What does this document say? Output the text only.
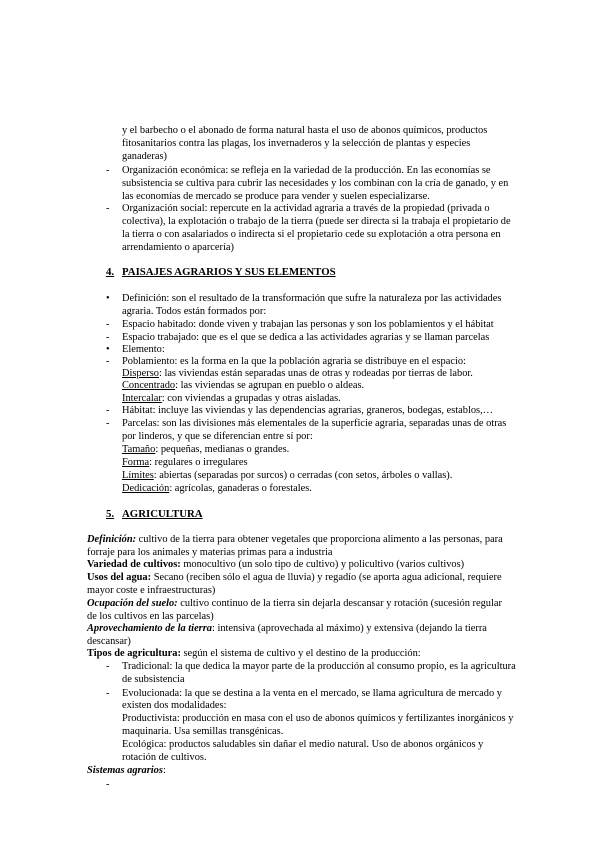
y el barbecho o el abonado de forma natural hasta el uso de abonos químicos, productos
fitosanitarios contra las plagas, los invernaderos y la selección de plantas y especies
ganaderas)
- Organización económica: se refleja en la variedad de la producción. En las economías se
subsistencia se cultiva para cubrir las necesidades y los combinan con la cría de ganado, y en
las economías de mercado se produce para vender y suelen especializarse.
- Organización social: repercute en la actividad agraria a través de la propiedad (privada o
colectiva), la explotación o trabajo de la tierra (puede ser directa si la trabaja el propietario de
la tierra o con asalariados o indirecta si el propietario cede su explotación a otra persona en
arrendamiento o aparcería)
4. PAISAJES AGRARIOS Y SUS ELEMENTOS
• Definición: son el resultado de la transformación que sufre la naturaleza por las actividades
agraria. Todos están formados por:
- Espacio habitado: donde viven y trabajan las personas y son los poblamientos y el hábitat
- Espacio trabajado: que es el que se dedica a las actividades agrarias y se llaman parcelas
• Elemento:
- Poblamiento: es la forma en la que la población agraria se distribuye en el espacio:
Disperso: las viviendas están separadas unas de otras y rodeadas por tierras de labor.
Concentrado: las viviendas se agrupan en pueblo o aldeas.
Intercalar: con viviendas a grupadas y otras aisladas.
- Hábitat: incluye las viviendas y las dependencias agrarias, graneros, bodegas, establos,…
- Parcelas: son las divisiones más elementales de la superficie agraria, separadas unas de otras
por linderos, y que se diferencian entre sí por:
Tamaño: pequeñas, medianas o grandes.
Forma: regulares o irregulares
Límites: abiertas (separadas por surcos) o cerradas (con setos, árboles o vallas).
Dedicación: agrícolas, ganaderas o forestales.
5. AGRICULTURA
Definición: cultivo de la tierra para obtener vegetales que proporciona alimento a las personas, para
forraje para los animales y materias primas para a industria
Variedad de cultivos: monocultivo (un solo tipo de cultivo) y policultivo (varios cultivos)
Usos del agua: Secano (reciben sólo el agua de lluvia) y regadío (se aporta agua adicional, requiere
mayor coste e infraestructuras)
Ocupación del suelo: cultivo continuo de la tierra sin dejarla descansar y rotación (sucesión regular
de los cultivos en las parcelas)
Aprovechamiento de la tierra: intensiva (aprovechada al máximo) y extensiva (dejando la tierra
descansar)
Tipos de agricultura: según el sistema de cultivo y el destino de la producción:
- Tradicional: la que dedica la mayor parte de la producción al consumo propio, es la agricultura
de subsistencia
- Evolucionada: la que se destina a la venta en el mercado, se llama agricultura de mercado y
existen dos modalidades:
Productivista: producción en masa con el uso de abonos químicos y fertilizantes inorgánicos y
maquinaria. Usa semillas transgénicas.
Ecológica: productos saludables sin dañar el medio natural. Uso de abonos orgánicos y
rotación de cultivos.
Sistemas agrarios:
-
